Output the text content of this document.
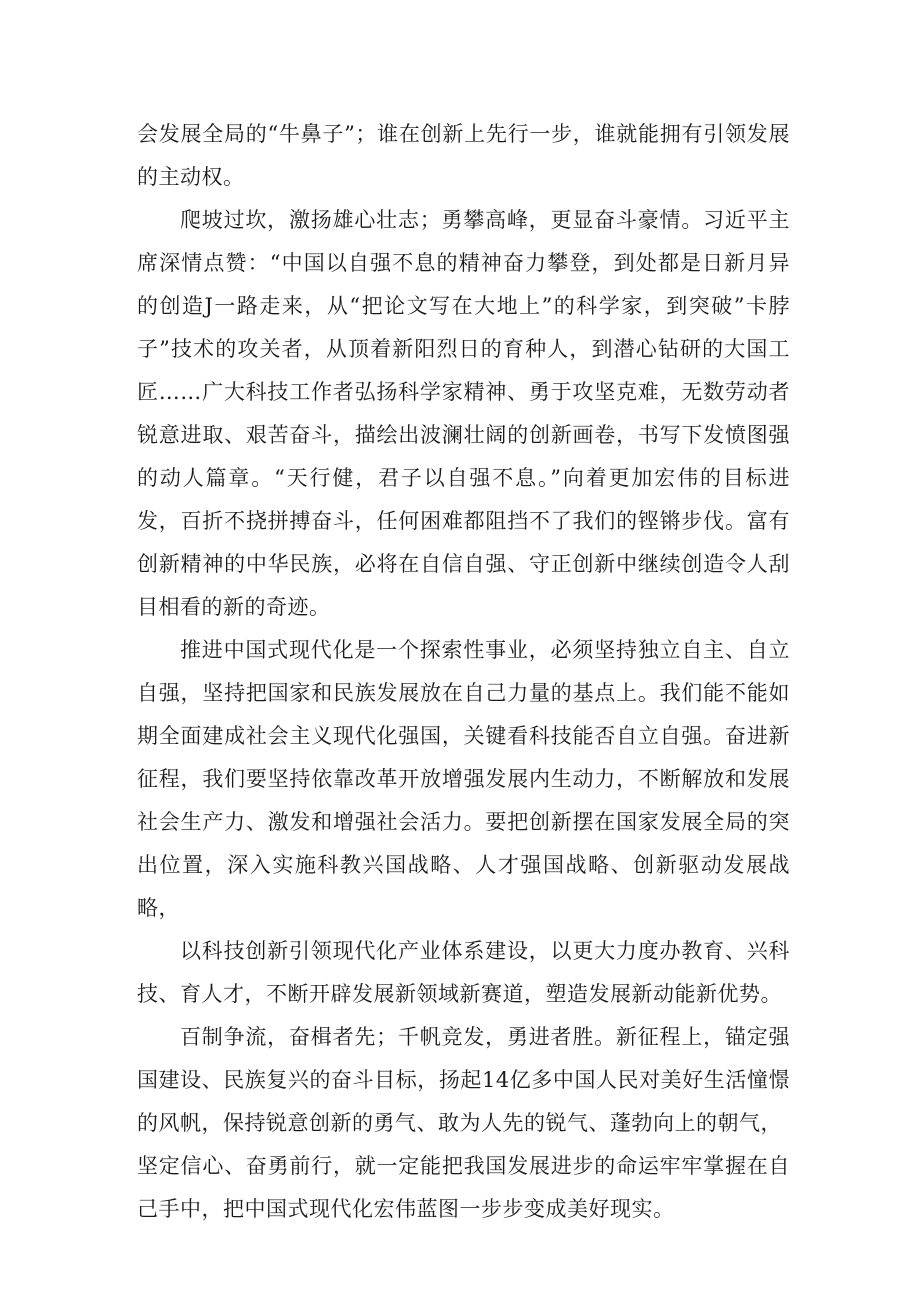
会发展全局的“牛鼻子”；谁在创新上先行一步，谁就能拥有引领发展的主动权。

爬坡过坎，激扬雄心壮志；勇攀高峰，更显奋斗豪情。习近平主席深情点赞：“中国以自强不息的精神奋力攀登，到处都是日新月异的创造J一路走来，从“把论文写在大地上”的科学家，到突破”卡脖子”技术的攻关者，从顶着新阳烈日的育种人，到潜心钻研的大国工匠……广大科技工作者弘扬科学家精神、勇于攻坚克难，无数劳动者锐意进取、艰苦奋斗，描绘出波澜壮阔的创新画卷，书写下发愤图强的动人篇章。“天行健，君子以自强不息。”向着更加宏伟的目标进发，百折不挠拼搏奋斗，任何困难都阻挡不了我们的铿锵步伐。富有创新精神的中华民族，必将在自信自强、守正创新中继续创造令人刮目相看的新的奇迹。

推进中国式现代化是一个探索性事业，必须坚持独立自主、自立自强，坚持把国家和民族发展放在自己力量的基点上。我们能不能如期全面建成社会主义现代化强国，关键看科技能否自立自强。奋进新征程，我们要坚持依靠改革开放增强发展内生动力，不断解放和发展社会生产力、激发和增强社会活力。要把创新摆在国家发展全局的突出位置，深入实施科教兴国战略、人才强国战略、创新驱动发展战略，

以科技创新引领现代化产业体系建设，以更大力度办教育、兴科技、育人才，不断开辟发展新领域新赛道，塑造发展新动能新优势。

百制争流，奋楫者先；千帆竞发，勇进者胜。新征程上，锚定强国建设、民族复兴的奋斗目标，扬起14亿多中国人民对美好生活憧憬的风帆，保持锐意创新的勇气、敢为人先的锐气、蓬勃向上的朝气，

坚定信心、奋勇前行，就一定能把我国发展进步的命运牢牢掌握在自己手中，把中国式现代化宏伟蓝图一步步变成美好现实。
